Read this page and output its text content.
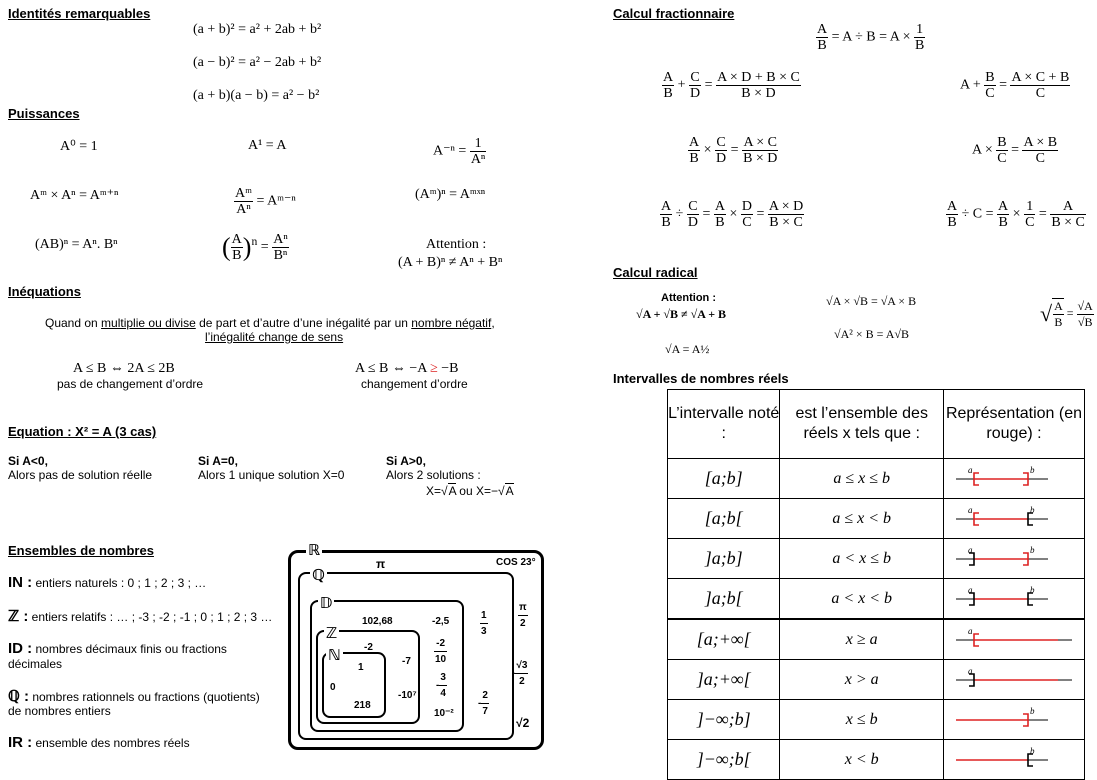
Identités remarquables
(a + b)² = a² + 2ab + b²
(a − b)² = a² − 2ab + b²
(a + b)(a − b) = a² − b²
Puissances
A⁰ = 1	A¹ = A	$A^{-n} = \frac{1}{\text{Aⁿ}}$
Aᵐ × Aⁿ = Aᵐ⁺ⁿ	$\frac{\text{Aᵐ}}{\text{Aⁿ}}$ = Aᵐ⁻ⁿ	(Aᵐ)ⁿ = Aᵐˣⁿ
(AB)ⁿ = Aⁿ. Bⁿ	( $\frac{A}{B} )^n = \frac{\text{Aⁿ}}{\text{Bⁿ}}$	Attention :
(A + B)ⁿ ≠ Aⁿ + Bⁿ
Inéquations
Quand on multiplie ou divise de part et d’autre d’une inégalité par un nombre négatif,
l’inégalité change de sens
A ≤ B ⇔ 2A ≤ 2B
pas de changement d’ordre
A ≤ B ⇔ −A ≥ −B
changement d’ordre
Equation : X² = A (3 cas)
Si A<0,
Alors pas de solution réelle
Si A=0,
Alors 1 unique solution X=0
Si A>0,
Alors 2 solutions :
X=√A ou X=−√A
Ensembles de nombres
IN : entiers naturels : 0 ; 1 ; 2 ; 3 ; …
ℤ : entiers relatifs : … ; -3 ; -2 ; -1 ; 0 ; 1 ; 2 ; 3 …
ID : nombres décimaux finis ou fractions
décimales
ℚ : nombres rationnels ou fractions (quotients)
de nombres entiers
IR : ensemble des nombres réels
ℝ
ℚ
𝔻
ℤ
ℕ
π	COS 23°
0
1
218
-2
-7
-10⁷
102,68	-2,5
$\frac{-2}{10}$
- $\frac{3}{4}$
10⁻²
$\frac{1}{3}$
- $\frac{2}{7}$
$\frac{\pi}{2}$
- $\frac{√3}{2}$
√2
Calcul fractionnaire
$\frac{A}{B} = A \div B = A \times \frac{1}{B}$
$\frac{A}{B} + \frac{C}{D} = \frac{A \times D + B \times C}{B \times D}$	$A + \frac{B}{C} = \frac{A \times C + B}{C}$
$\frac{A}{B} \times \frac{C}{D} = \frac{A \times C}{B \times D}$	$A \times \frac{B}{C} = \frac{A \times B}{C}$
$\frac{A}{B} \div \frac{C}{D} = \frac{A}{B} \times \frac{D}{C} = \frac{A \times D}{B \times C}$	$\frac{A}{B} \div C = \frac{A}{B} \times \frac{1}{C} = \frac{A}{B \times C}$
Calcul radical
Attention :
√A + √B ≠ √A + B
√A × √B = √A × B
√A² × B = A√B
√A = A½
√ $\frac{A}{B} = \frac{√A}{√B}$
Intervalles de nombres réels
L’intervalle noté :	est l’ensemble des réels x tels que :	Représentation (en rouge) :
[a;b]	a ≤ x ≤ b	a b

[a;b[	a ≤ x < b	a b

]a;b]	a < x ≤ b	a b

]a;b[	a < x < b	a b

[a;+∞[	x ≥ a	a

]a;+∞[	x > a	a

]−∞;b]	x ≤ b	b

]−∞;b[	x < b	b
